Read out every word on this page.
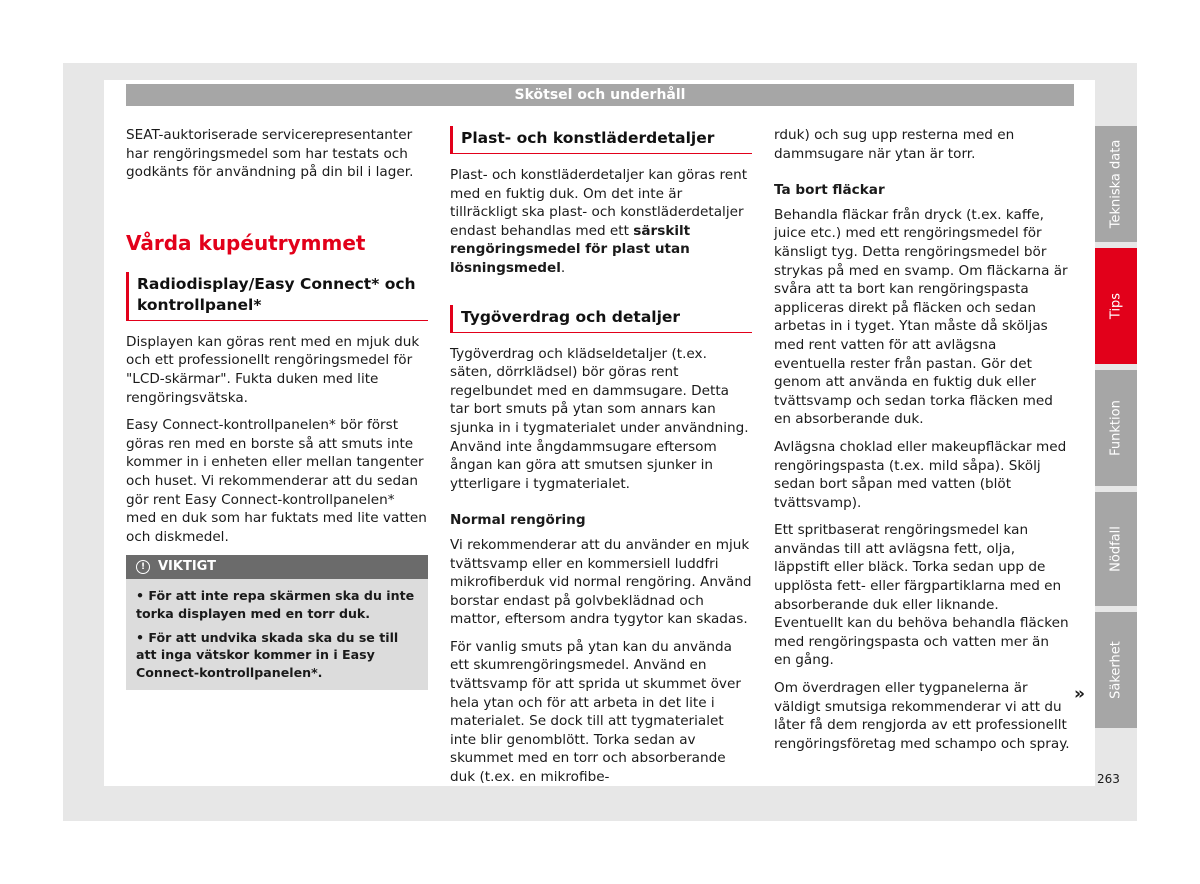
Skötsel och underhåll

SEAT-auktoriserade servicerepresentanter har rengöringsmedel som har testats och godkänts för användning på din bil i lager.

Vårda kupéutrymmet
Radiodisplay/Easy Connect* och kontrollpanel*

Displayen kan göras rent med en mjuk duk och ett professionellt rengöringsmedel för "LCD-skärmar". Fukta duken med lite rengöringsvätska.

Easy Connect-kontrollpanelen* bör först göras ren med en borste så att smuts inte kommer in i enheten eller mellan tangenter och huset. Vi rekommenderar att du sedan gör rent Easy Connect-kontrollpanelen* med en duk som har fuktats med lite vatten och diskmedel.

! VIKTIGT
• För att inte repa skärmen ska du inte torka displayen med en torr duk.
• För att undvika skada ska du se till att inga vätskor kommer in i Easy Connect-kontrollpanelen*.
Plast- och konstläderdetaljer

Plast- och konstläderdetaljer kan göras rent med en fuktig duk. Om det inte är tillräckligt ska plast- och konstläderdetaljer endast behandlas med ett särskilt rengöringsmedel för plast utan lösningsmedel.

Tygöverdrag och detaljer

Tygöverdrag och klädseldetaljer (t.ex. säten, dörrklädsel) bör göras rent regelbundet med en dammsugare. Detta tar bort smuts på ytan som annars kan sjunka in i tygmaterialet under användning. Använd inte ångdammsugare eftersom ångan kan göra att smutsen sjunker in ytterligare i tygmaterialet.

Normal rengöring

Vi rekommenderar att du använder en mjuk tvättsvamp eller en kommersiell luddfri mikrofiberduk vid normal rengöring. Använd borstar endast på golvbeklädnad och mattor, eftersom andra tygytor kan skadas.

För vanlig smuts på ytan kan du använda ett skumrengöringsmedel. Använd en tvättsvamp för att sprida ut skummet över hela ytan och för att arbeta in det lite i materialet. Se dock till att tygmaterialet inte blir genomblött. Torka sedan av skummet med en torr och absorberande duk (t.ex. en mikrofibe-

rduk) och sug upp resterna med en dammsugare när ytan är torr.

Ta bort fläckar

Behandla fläckar från dryck (t.ex. kaffe, juice etc.) med ett rengöringsmedel för känsligt tyg. Detta rengöringsmedel bör strykas på med en svamp. Om fläckarna är svåra att ta bort kan rengöringspasta appliceras direkt på fläcken och sedan arbetas in i tyget. Ytan måste då sköljas med rent vatten för att avlägsna eventuella rester från pastan. Gör det genom att använda en fuktig duk eller tvättsvamp och sedan torka fläcken med en absorberande duk.

Avlägsna choklad eller makeupfläckar med rengöringspasta (t.ex. mild såpa). Skölj sedan bort såpan med vatten (blöt tvättsvamp).

Ett spritbaserat rengöringsmedel kan användas till att avlägsna fett, olja, läppstift eller bläck. Torka sedan upp de upplösta fett- eller färgpartiklarna med en absorberande duk eller liknande. Eventuellt kan du behöva behandla fläcken med rengöringspasta och vatten mer än en gång.

Om överdragen eller tygpanelerna är väldigt smutsiga rekommenderar vi att du låter få dem rengjorda av ett professionellt rengöringsföretag med schampo och spray.

»
Tekniska data
Tips
Funktion
Nödfall
Säkerhet
263
